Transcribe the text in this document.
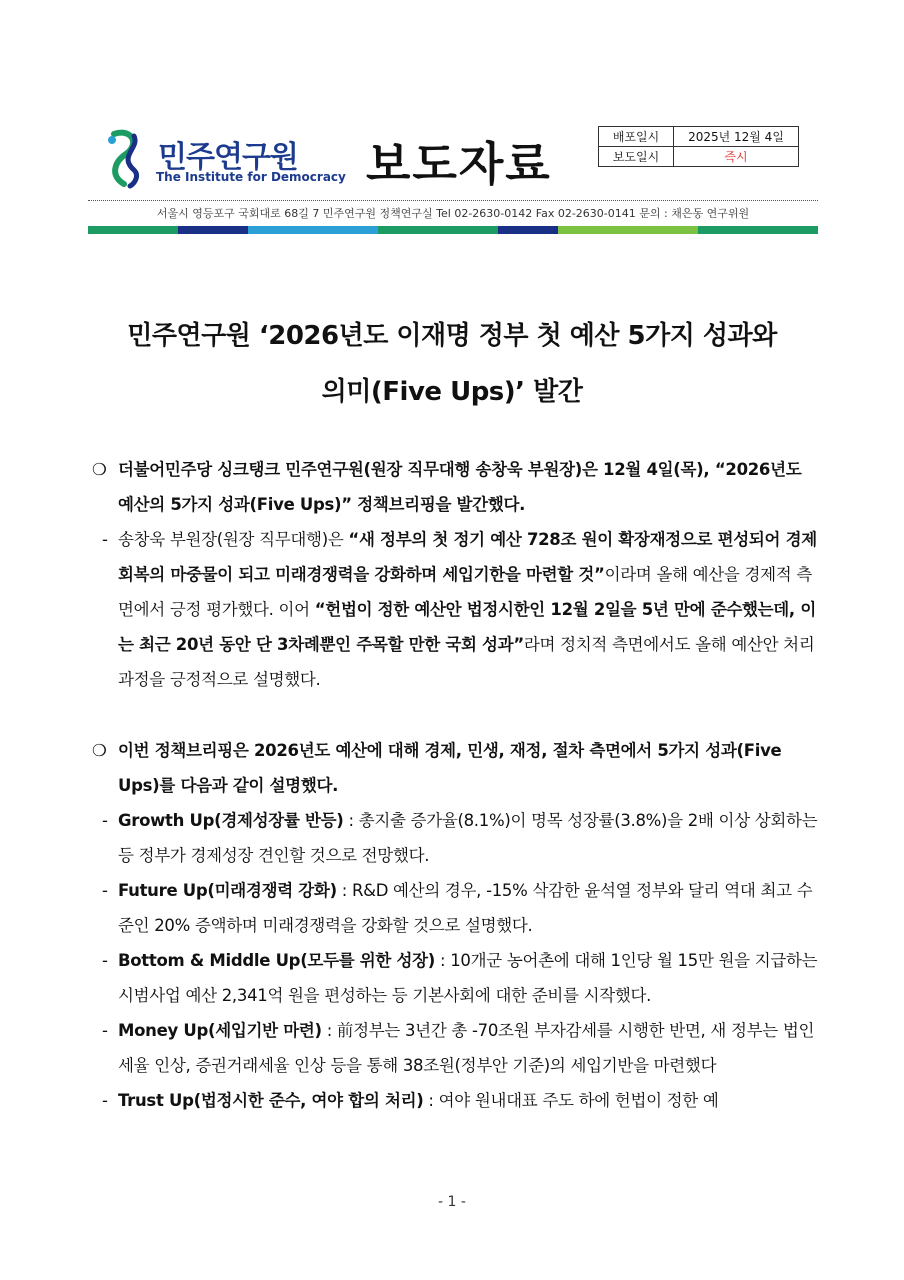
민주연구원
The Institute for Democracy 보도자료	배포일시	2025년 12월 4일
보도일시	즉시
서울시 영등포구 국회대로 68길 7 민주연구원 정책연구실 Tel 02-2630-0142 Fax 02-2630-0141 문의 : 채은동 연구위원
민주연구원 ‘2026년도 이재명 정부 첫 예산 5가지 성과와
의미(Five Ups)’ 발간

❍ 더불어민주당 싱크탱크 민주연구원(원장 직무대행 송창욱 부원장)은 12월 4일(목), “2026년도 예산의 5가지 성과(Five Ups)” 정책브리핑을 발간했다.

- 송창욱 부원장(원장 직무대행)은 “새 정부의 첫 정기 예산 728조 원이 확장재정으로 편성되어 경제회복의 마중물이 되고 미래경쟁력을 강화하며 세입기한을 마련할 것”이라며 올해 예산을 경제적 측면에서 긍정 평가했다. 이어 “헌법이 정한 예산안 법정시한인 12월 2일을 5년 만에 준수했는데, 이는 최근 20년 동안 단 3차례뿐인 주목할 만한 국회 성과”라며 정치적 측면에서도 올해 예산안 처리 과정을 긍정적으로 설명했다.

❍ 이번 정책브리핑은 2026년도 예산에 대해 경제, 민생, 재정, 절차 측면에서 5가지 성과(Five Ups)를 다음과 같이 설명했다.

- Growth Up(경제성장률 반등) : 총지출 증가율(8.1%)이 명목 성장률(3.8%)을 2배 이상 상회하는 등 정부가 경제성장 견인할 것으로 전망했다.

- Future Up(미래경쟁력 강화) : R&D 예산의 경우, -15% 삭감한 윤석열 정부와 달리 역대 최고 수준인 20% 증액하며 미래경쟁력을 강화할 것으로 설명했다.

- Bottom & Middle Up(모두를 위한 성장) : 10개군 농어촌에 대해 1인당 월 15만 원을 지급하는 시범사업 예산 2,341억 원을 편성하는 등 기본사회에 대한 준비를 시작했다.

- Money Up(세입기반 마련) : 前정부는 3년간 총 -70조원 부자감세를 시행한 반면, 새 정부는 법인세율 인상, 증권거래세율 인상 등을 통해 38조원(정부안 기준)의 세입기반을 마련했다

- Trust Up(법정시한 준수, 여야 합의 처리) : 여야 원내대표 주도 하에 헌법이 정한 예

- 1 -
